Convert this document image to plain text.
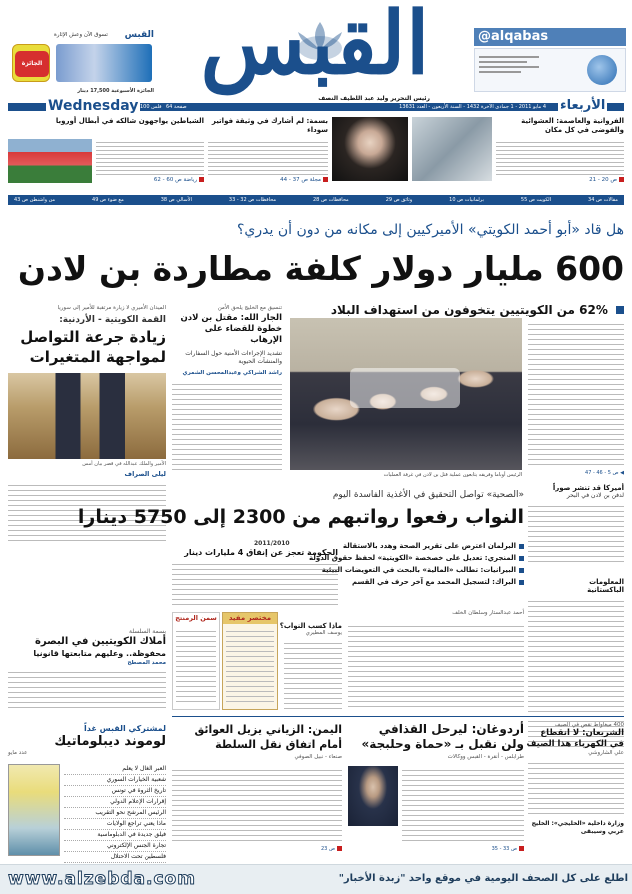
القبس
تسوق الآن وعش الإثارة
الجائزة
الجائزة الأسبوعية 17,500 دينار القبس	@alqabas
رئيس التحرير وليد عبد اللطيف النصف
Wednesday	الأربعاء
4 مايو 2011 - 1 جمادى الآخرة 1432 - السنة الأربعون - العدد 13631
64 صفحة
100 فلس
الفروانية والعاصمة: العشوائية والفوضى في كل مكان
ص 20 - 21
بسمة: لم أشارك في وثيقة فواتير سوداء
مجلة ص 37 - 44
الشياطين يواجهون شالكه في أبطال أوروبا
رياضة ص 60 - 62
مقالات ص 34
الكويت ص 55
برلمانيات ص 10
وثائق ص 29
محافظات ص 28
محافظات ص 32 - 33
الأسالي ص 38
مع ضوء ص 49
من واشنطن ص 43
هل قاد «أبو أحمد الكويتي» الأميركيين إلى مكانه من دون أن يدري؟
600 مليار دولار كلفة مطاردة بن لادن
62% من الكويتيين يتخوفون من استهداف البلاد
تنسيق مع الخليج يلحق الأمن
الجار الله: مقتل بن لادن خطوة للقضاء على الإرهاب
تشديد الإجراءات الأمنية حول السفارات والمنشآت الحيوية
راشد الشراكي وعبدالمحسن الشمري
الرئيس أوباما وفريقه يتابعون عملية قتل بن لادن في غرفة العمليات	◀ ص 5 - 46 - 47
الميدان الأميري لا زيارة مرتقبة للأمير إلى سوريا
القمة الكويتية - الأردنية:
زيادة جرعة التواصل
لمواجهة المتغيرات
الأمير والملك عبدالله في قصر بيان أمس
ليلى الصراف
أميركا قد تنشر صوراً
لدفن بن لادن في البحر
المعلومات
الباكستانية
«الصحية» تواصل التحقيق في الأغذية الفاسدة اليوم
النواب رفعوا رواتبهم من 2300 إلى 5750 دينارا
2011/2010
الحكومة تعجز عن إنفاق 4 مليارات دينار
البرلمان اعترض على تقرير الصحة وهدد بالاستقالة
المنجري: تعديل على خصخصة «الكويتية» لحفظ حقوق الدولة
البيرانيات: تطالب «المالية» بالبحث في التعويضات البيئية
البراك: لتسجيل المحمد مع آخر حرف في القسم
أحمد عبدالستار وسلطان الخلف
مختصر مفيد
سمن الرمنتج
ماذا كسب النواب؟
يوسف المطيري
بسمة السلسلة
أملاك الكويتيين في البصرة
محفوظة.. وعليهم متابعتها قانونيا
محمد المصطح
لمشتركي القبس غداً
لوموند ديبلوماتيك
عدد مايو
العبر الغال لا يعلم
شعبية الخيارات السوري
تاريخ الثروة في تونس
إقرارات الإعلام الدولي
الرئيس المرشح نحو التقريب
ماذا يعني تراجع الولايات
فيلق جديدة في الدبلوماسية
تجارة الجنس الإلكتروني
فلسطين تحت الاحتلال
أردوغان: ليرحل القذافي
ولن نقبل بـ «حماة وحلبجة»
طرابلس - أنقرة - القبس ووكالات
ص 33 - 35
اليمن: الزياني يزيل العوائق
أمام اتفاق نقل السلطة
صنعاء - نبيل الصوفي
ص 23
400 ميغاواط نقص في الصيف
الشريعان: لا انقطاع
في الكهرباء هذا الصيف
علي الشاروشي
وزارة داخلية «الخليجي»: الخليج عربي وسيبقى
www.alzebda.com	اطلع على كل الصحف اليومية في موقع واحد "زبدة الأخبار"
